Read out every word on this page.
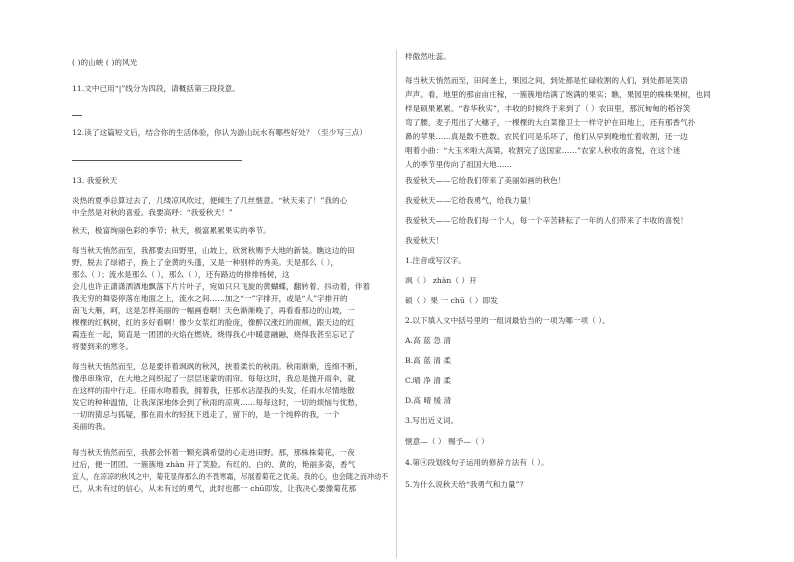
( )的山峡 ( )的风光
11.文中已用“|”线分为四段，请概括第三段段意。
12.读了这篇短文后，结合你的生活体验，你认为游山玩水有哪些好处？（至少写三点）
13. 我爱秋天
炎热的夏季总算过去了，几缕凉风吹过，便倾生了几丝惬意。“秋天来了！”我的心
中全然是对秋的喜爱。我要高呼：“我爱秋天！”
秋天，极富绚丽色彩的季节；秋天，极富累累果实的季节。
每当秋天悄然而至，我都要去田野里，山坡上，欣赏秋赐予大地的新装。瞧这边的田
野，脱去了绿裙子，换上了金黄的头蓬，又是一种别样的秀美。天是那么（ ），
那么（ ）；流水是那么（ ），那么（ ），还有路边的排排杨树，这
会儿也许正潇潇洒洒地飘落下片片叶子，宛如只只飞旋的黄蝴蝶，翻转着、抖动着，伴着
我无穷的舞姿停落在地面之上，流水之间……加之“一”字排开，或是“人”字排开的
南飞大雁，呵，这是怎样美丽的一幅画卷啊！天色渐渐晚了，再看看那边的山坡，一
棵棵的红枫树，红的多好看啊！像少女浆红的脸庞，像醉汉涨红的面颊，跟天边的红
霞连在一起，简直是一团团的火焰在燃烧。烧得我心中暖意融融，烧得我甚至忘记了
将要到来的寒冬。
每当秋天悄然而至，总是要伴着飒飒的秋风，挟着柔长的秋雨。秋雨渐渐，连绵不断，
像串串珠帘，在大地之间织起了一层层迷蒙的雨帘。每每这时，我总是抛开雨伞，就
在这样的雨中行走。任雨水吻着我，拥着我，任那水沾湿我的头发，任雨水尽情地散
发它的种种温情，让我深深地体会到了秋雨的凉爽……每每这时，一切的烦恼与忧愁，
一切的猜忌与狐疑，都在雨水的轻抚下逃走了，留下的，是一个纯粹的我，一个
美丽的我。
每当秋天悄然而至，我都会怀着一颗充满希望的心走进田野。那，那株株菊花，一夜
过后，便一团团、一簇簇地 zhàn 开了笑脸。有红的、白的、黄的，艳丽多姿，香气
宜人，在凉凉的秋风之中，菊花显得那么的不畏寒霜，尽展着菊花之优美。我的心，也会随之而冲动不
已，从未有过的信心，从未有过的勇气，此时也都一 chū即发，让我决心要像菊花那
样傲然吐蕊。
每当秋天悄然而至，田间垄上，果园之间，到处都是忙碌收割的人们，到处都是笑语
声声。看，地里的那亩亩庄稼，一簇簇地结满了饱满的果实；瞧，果园里的株株果树，也同
样是硕果累累。“春华秋实”，丰收的时候终于来到了（ ）农田里，那沉甸甸的稻谷笑
弯了腰，麦子甩出了大穗子，一棵棵的大白菜像卫士一样守护在田地上，还有那香气扑
鼻的苹果……真是数不胜数。农民们可是乐坏了，他们从早到晚地忙着收割，还一边
唱着小曲：“大玉米啦大高粱，收割完了送国家……”农家人秋收的喜悦，在这个迷
人的季节里传向了祖国大地……
我爱秋天——它给我们带来了美丽如画的秋色！
我爱秋天——它给我勇气，给我力量！
我爱秋天——它给我们每一个人，每一个辛苦耕耘了一年的人们带来了丰收的喜悦！
我爱秋天！
1.注音或写汉字。
飒（ ） zhàn（ ）开
硕（ ）果 一 chū（ ）即发
2.以下填入文中括号里的一组词最恰当的一项为哪一项（ ）。
A.高 蓝 急 清
B.高 蓝 清 柔
C.晴 净 清 柔
D.高 晴 缓 清
3.写出近义词。
惬意—（ ） 赐予—（ ）
4.第④段划线句子运用的修辞方法有（ ）。
5.为什么说秋天给“我勇气和力量”？
